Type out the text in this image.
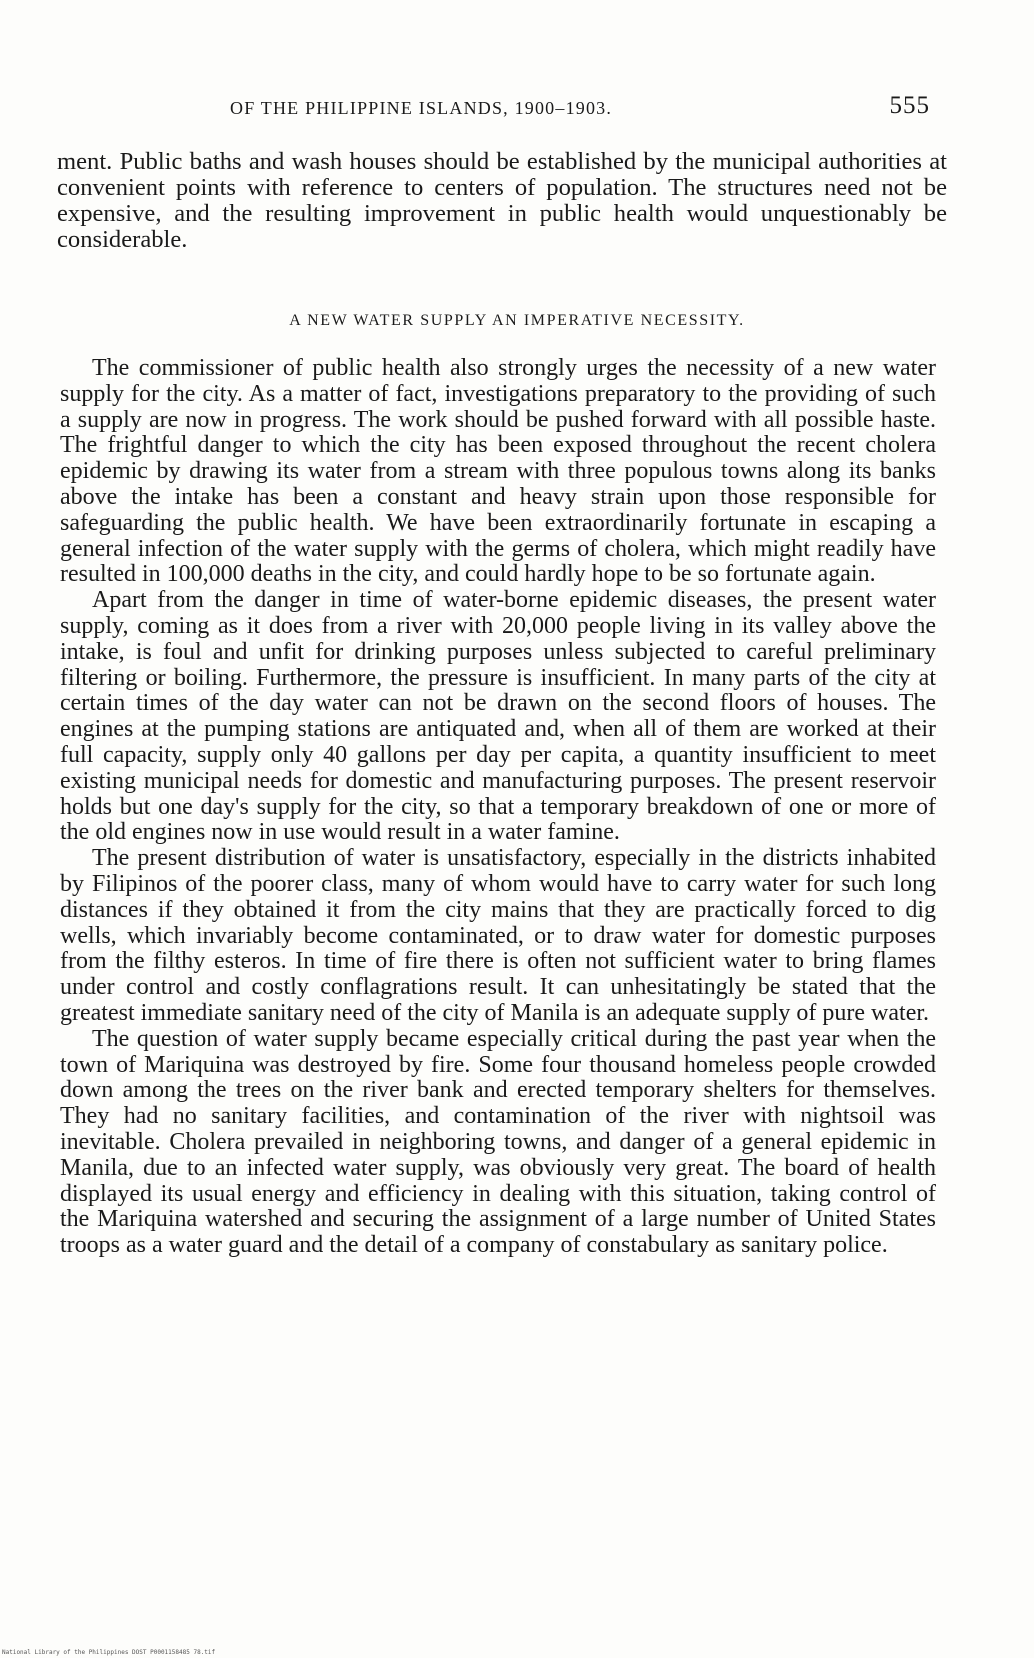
OF THE PHILIPPINE ISLANDS, 1900–1903.	555

ment. Public baths and wash houses should be established by the municipal authorities at convenient points with reference to centers of population. The structures need not be expensive, and the resulting improvement in public health would unquestionably be considerable.

A NEW WATER SUPPLY AN IMPERATIVE NECESSITY.

The commissioner of public health also strongly urges the necessity of a new water supply for the city. As a matter of fact, investigations preparatory to the providing of such a supply are now in progress. The work should be pushed forward with all possible haste. The frightful danger to which the city has been exposed throughout the recent cholera epidemic by drawing its water from a stream with three populous towns along its banks above the intake has been a constant and heavy strain upon those responsible for safeguarding the public health. We have been extraordinarily fortunate in escaping a general infection of the water supply with the germs of cholera, which might readily have resulted in 100,000 deaths in the city, and could hardly hope to be so fortunate again.

Apart from the danger in time of water-borne epidemic diseases, the present water supply, coming as it does from a river with 20,000 people living in its valley above the intake, is foul and unfit for drinking purposes unless subjected to careful preliminary filtering or boiling. Furthermore, the pressure is insufficient. In many parts of the city at certain times of the day water can not be drawn on the second floors of houses. The engines at the pumping stations are antiquated and, when all of them are worked at their full capacity, supply only 40 gallons per day per capita, a quantity insufficient to meet existing municipal needs for domestic and manufacturing purposes. The present reservoir holds but one day's supply for the city, so that a temporary breakdown of one or more of the old engines now in use would result in a water famine.

The present distribution of water is unsatisfactory, especially in the districts inhabited by Filipinos of the poorer class, many of whom would have to carry water for such long distances if they obtained it from the city mains that they are practically forced to dig wells, which invariably become contaminated, or to draw water for domestic purposes from the filthy esteros. In time of fire there is often not sufficient water to bring flames under control and costly conflagrations result. It can unhesitatingly be stated that the greatest immediate sanitary need of the city of Manila is an adequate supply of pure water.

The question of water supply became especially critical during the past year when the town of Mariquina was destroyed by fire. Some four thousand homeless people crowded down among the trees on the river bank and erected temporary shelters for themselves. They had no sanitary facilities, and contamination of the river with nightsoil was inevitable. Cholera prevailed in neighboring towns, and danger of a general epidemic in Manila, due to an infected water supply, was obviously very great. The board of health displayed its usual energy and efficiency in dealing with this situation, taking control of the Mariquina watershed and securing the assignment of a large number of United States troops as a water guard and the detail of a company of constabulary as sanitary police.

National Library of the Philippines DOST P0001158485 78.tif
